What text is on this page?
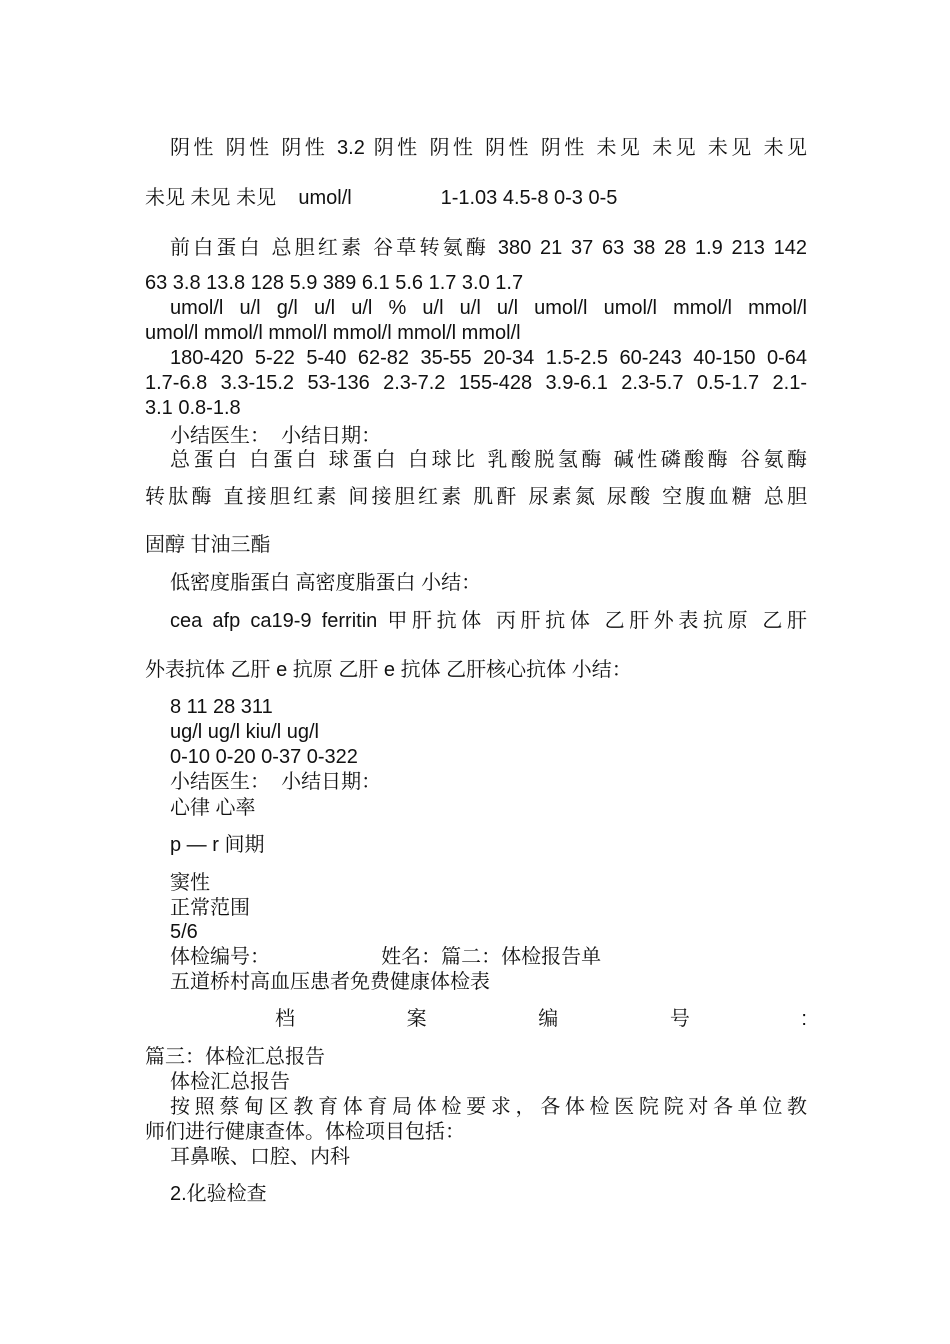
阴性 阴性 阴性 3.2 阴性 阴性 阴性 阴性 未见 未见 未见 未见
未见 未见 未见    umol/l                1-1.03 4.5-8 0-3 0-5
前白蛋白 总胆红素 谷草转氨酶 380 21 37 63 38 28 1.9 213 142
63 3.8 13.8 128 5.9 389 6.1 5.6 1.7 3.0 1.7
umol/l u/l g/l u/l u/l % u/l u/l u/l umol/l umol/l mmol/l mmol/l
umol/l mmol/l mmol/l mmol/l mmol/l mmol/l
180-420 5-22 5-40 62-82 35-55 20-34 1.5-2.5 60-243 40-150 0-64
1.7-6.8 3.3-15.2 53-136 2.3-7.2 155-428 3.9-6.1 2.3-5.7 0.5-1.7 2.1-
3.1 0.8-1.8
小结医生：  小结日期：
总蛋白 白蛋白 球蛋白 白球比 乳酸脱氢酶 碱性磷酸酶 谷氨酶
转肽酶 直接胆红素 间接胆红素 肌酐 尿素氮 尿酸 空腹血糖 总胆
固醇 甘油三酯
低密度脂蛋白 高密度脂蛋白 小结：
cea afp ca19-9 ferritin 甲肝抗体 丙肝抗体 乙肝外表抗原 乙肝
外表抗体 乙肝 e 抗原 乙肝 e 抗体 乙肝核心抗体 小结：
8 11 28 311
ug/l ug/l kiu/l ug/l
0-10 0-20 0-37 0-322
小结医生：  小结日期：
心律 心率
p — r 间期
窦性
正常范围
5/6
体检编号：                    姓名：篇二：体检报告单
五道桥村高血压患者免费健康体检表
档 案 编 号 :
篇三：体检汇总报告
体检汇总报告
按照蔡甸区教育体育局体检要求，各体检医院院对各单位教
师们进行健康查体。体检项目包括：
耳鼻喉、口腔、内科
2.化验检查
